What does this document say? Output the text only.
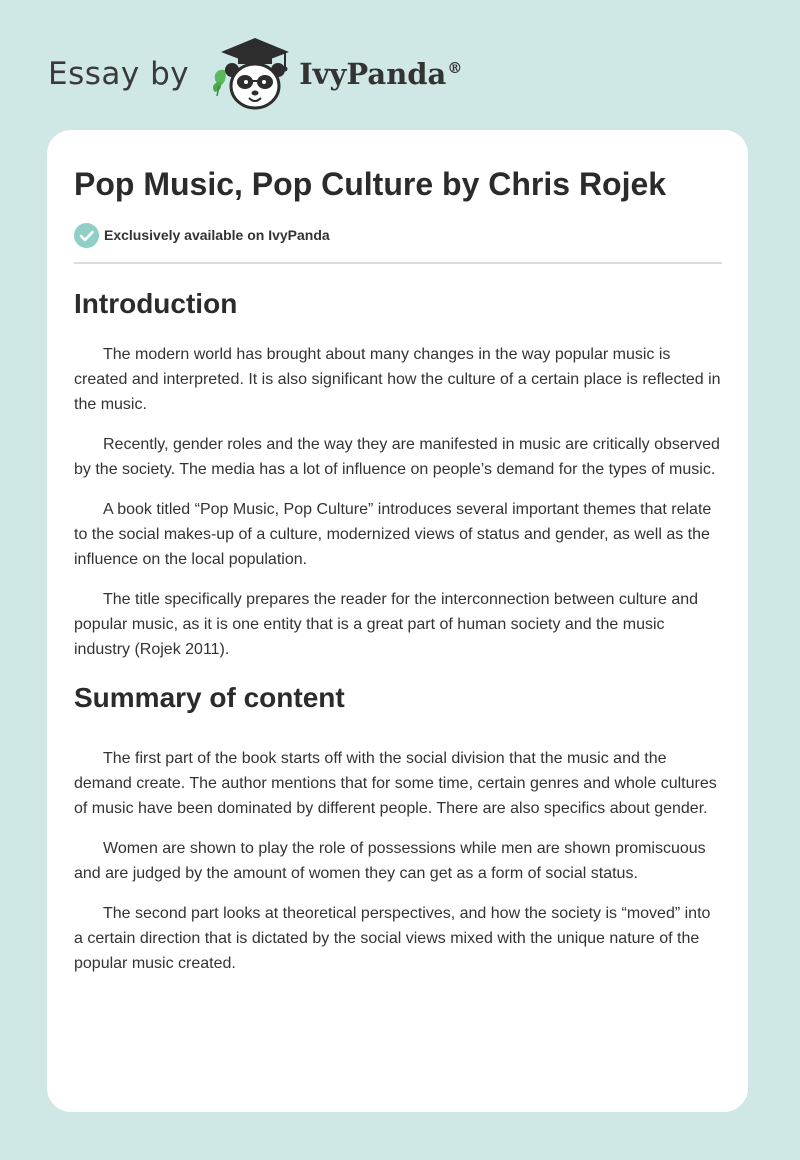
Essay by	IvyPanda®
Pop Music, Pop Culture by Chris Rojek
Exclusively available on IvyPanda
Introduction

The modern world has brought about many changes in the way popular music is created and interpreted. It is also significant how the culture of a certain place is reflected in the music.

Recently, gender roles and the way they are manifested in music are critically observed by the society. The media has a lot of influence on people’s demand for the types of music.

A book titled “Pop Music, Pop Culture” introduces several important themes that relate to the social makes-up of a culture, modernized views of status and gender, as well as the influence on the local population.

The title specifically prepares the reader for the interconnection between culture and popular music, as it is one entity that is a great part of human society and the music industry (Rojek 2011).

Summary of content

The first part of the book starts off with the social division that the music and the demand create. The author mentions that for some time, certain genres and whole cultures of music have been dominated by different people. There are also specifics about gender.

Women are shown to play the role of possessions while men are shown promiscuous and are judged by the amount of women they can get as a form of social status.

The second part looks at theoretical perspectives, and how the society is “moved” into a certain direction that is dictated by the social views mixed with the unique nature of the popular music created.
